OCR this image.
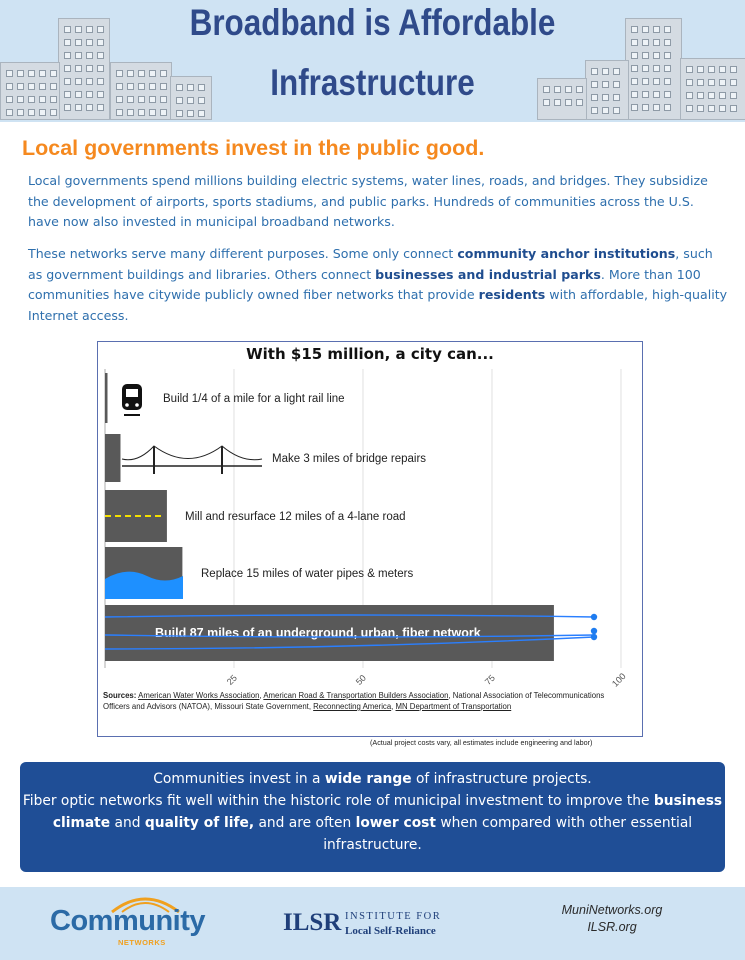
Broadband is Affordable
Infrastructure
Local governments invest in the public good.
Local governments spend millions building electric systems, water lines, roads, and bridges. They subsidize the development of airports, sports stadiums, and public parks. Hundreds of communities across the U.S. have now also invested in municipal broadband networks.
These networks serve many different purposes. Some only connect community anchor institutions, such as government buildings and libraries. Others connect businesses and industrial parks. More than 100 communities have citywide publicly owned fiber networks that provide residents with affordable, high-quality Internet access.
With $15 million, a city can...
Build 1/4 of a mile for a light rail line
Make 3 miles of bridge repairs
Mill and resurface 12 miles of a 4-lane road
Replace 15 miles of water pipes & meters
Build 87 miles of an underground, urban, fiber network
25	50	75	100
Sources: American Water Works Association, American Road & Transportation Builders Association, National Association of Telecommunications Officers and Advisors (NATOA), Missouri State Government, Reconnecting America, MN Department of Transportation
(Actual project costs vary, all estimates include engineering and labor)
Communities invest in a wide range of infrastructure projects.
Fiber optic networks fit well within the historic role of municipal investment to improve the business climate and quality of life, and are often lower cost when compared with other essential infrastructure.
Community
NETWORKS
ILSR INSTITUTE FOR
Local Self-Reliance
MuniNetworks.org
ILSR.org
